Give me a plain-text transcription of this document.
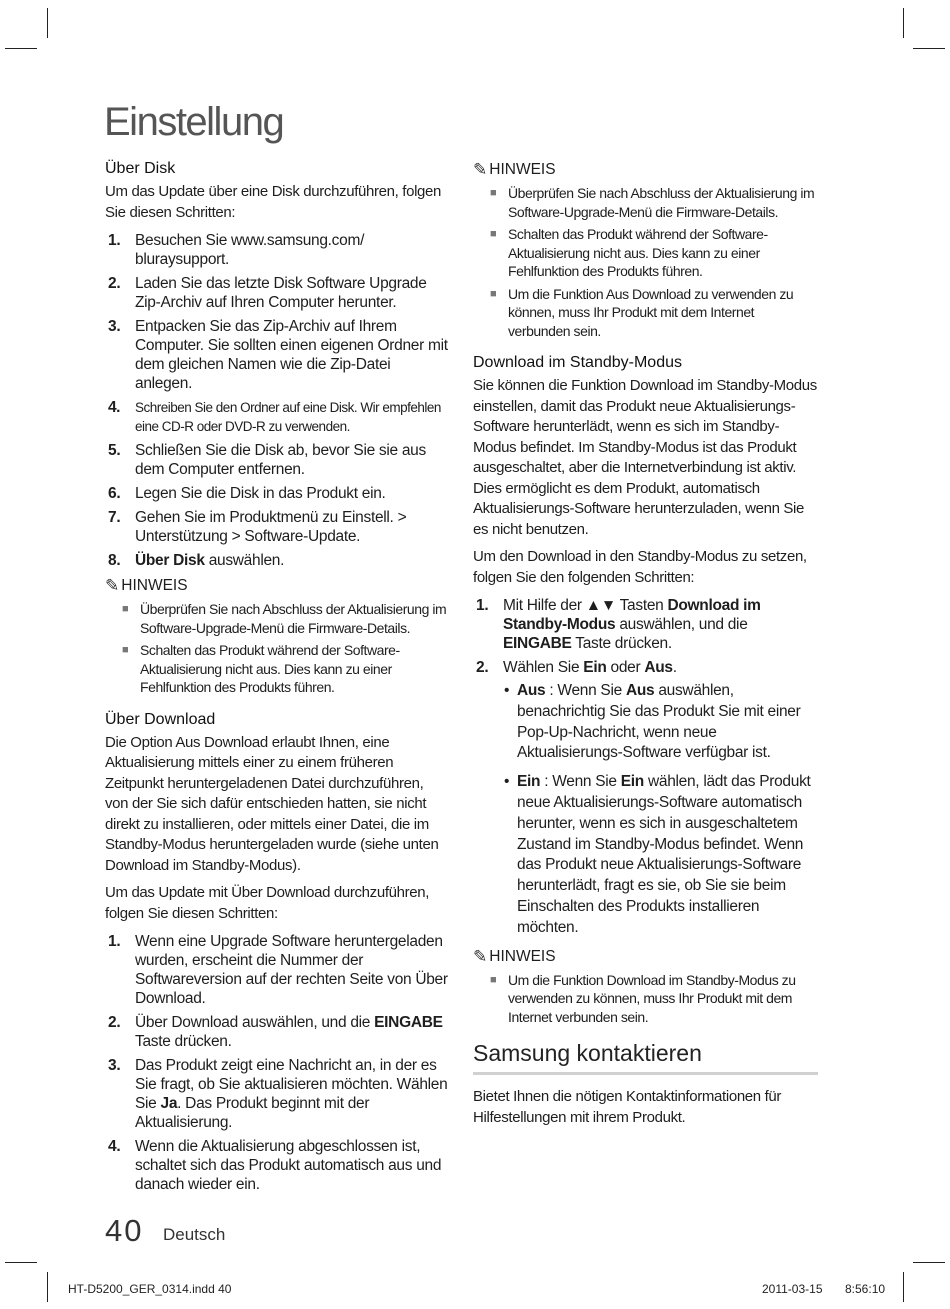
Einstellung
Über Disk

Um das Update über eine Disk durchzuführen, folgen Sie diesen Schritten:

1. Besuchen Sie www.samsung.com/ bluraysupport.
2. Laden Sie das letzte Disk Software Upgrade Zip-Archiv auf Ihren Computer herunter.
3. Entpacken Sie das Zip-Archiv auf Ihrem Computer. Sie sollten einen eigenen Ordner mit dem gleichen Namen wie die Zip-Datei anlegen.
4. Schreiben Sie den Ordner auf eine Disk. Wir empfehlen eine CD-R oder DVD-R zu verwenden.
5. Schließen Sie die Disk ab, bevor Sie sie aus dem Computer entfernen.
6. Legen Sie die Disk in das Produkt ein.
7. Gehen Sie im Produktmenü zu Einstell. > Unterstützung > Software-Update.
8. Über Disk auswählen.
✎ HINWEIS
■ Überprüfen Sie nach Abschluss der Aktualisierung im Software-Upgrade-Menü die Firmware-Details.
■ Schalten das Produkt während der Software-Aktualisierung nicht aus. Dies kann zu einer Fehlfunktion des Produkts führen.
Über Download

Die Option Aus Download erlaubt Ihnen, eine Aktualisierung mittels einer zu einem früheren Zeitpunkt heruntergeladenen Datei durchzuführen, von der Sie sich dafür entschieden hatten, sie nicht direkt zu installieren, oder mittels einer Datei, die im Standby-Modus heruntergeladen wurde (siehe unten Download im Standby-Modus).

Um das Update mit Über Download durchzuführen, folgen Sie diesen Schritten:

1. Wenn eine Upgrade Software heruntergeladen wurden, erscheint die Nummer der Softwareversion auf der rechten Seite von Über Download.
2. Über Download auswählen, und die EINGABE Taste drücken.
3. Das Produkt zeigt eine Nachricht an, in der es Sie fragt, ob Sie aktualisieren möchten. Wählen Sie Ja. Das Produkt beginnt mit der Aktualisierung.
4. Wenn die Aktualisierung abgeschlossen ist, schaltet sich das Produkt automatisch aus und danach wieder ein.
✎ HINWEIS
■ Überprüfen Sie nach Abschluss der Aktualisierung im Software-Upgrade-Menü die Firmware-Details.
■ Schalten das Produkt während der Software-Aktualisierung nicht aus. Dies kann zu einer Fehlfunktion des Produkts führen.
■ Um die Funktion Aus Download zu verwenden zu können, muss Ihr Produkt mit dem Internet verbunden sein.
Download im Standby-Modus

Sie können die Funktion Download im Standby-Modus einstellen, damit das Produkt neue Aktualisierungs-Software herunterlädt, wenn es sich im Standby-Modus befindet. Im Standby-Modus ist das Produkt ausgeschaltet, aber die Internetverbindung ist aktiv. Dies ermöglicht es dem Produkt, automatisch Aktualisierungs-Software herunterzuladen, wenn Sie es nicht benutzen.

Um den Download in den Standby-Modus zu setzen, folgen Sie den folgenden Schritten:

1. Mit Hilfe der ▲▼ Tasten Download im Standby-Modus auswählen, und die EINGABE Taste drücken.
2. Wählen Sie Ein oder Aus.
• Aus : Wenn Sie Aus auswählen, benachrichtig Sie das Produkt Sie mit einer Pop-Up-Nachricht, wenn neue Aktualisierungs-Software verfügbar ist.
• Ein : Wenn Sie Ein wählen, lädt das Produkt neue Aktualisierungs-Software automatisch herunter, wenn es sich in ausgeschaltetem Zustand im Standby-Modus befindet. Wenn das Produkt neue Aktualisierungs-Software herunterlädt, fragt es sie, ob Sie sie beim Einschalten des Produkts installieren möchten.
✎ HINWEIS
■ Um die Funktion Download im Standby-Modus zu verwenden zu können, muss Ihr Produkt mit dem Internet verbunden sein.
Samsung kontaktieren

Bietet Ihnen die nötigen Kontaktinformationen für Hilfestellungen mit ihrem Produkt.

40 Deutsch
HT-D5200_GER_0314.indd 40	2011-03-15 8:56:10
